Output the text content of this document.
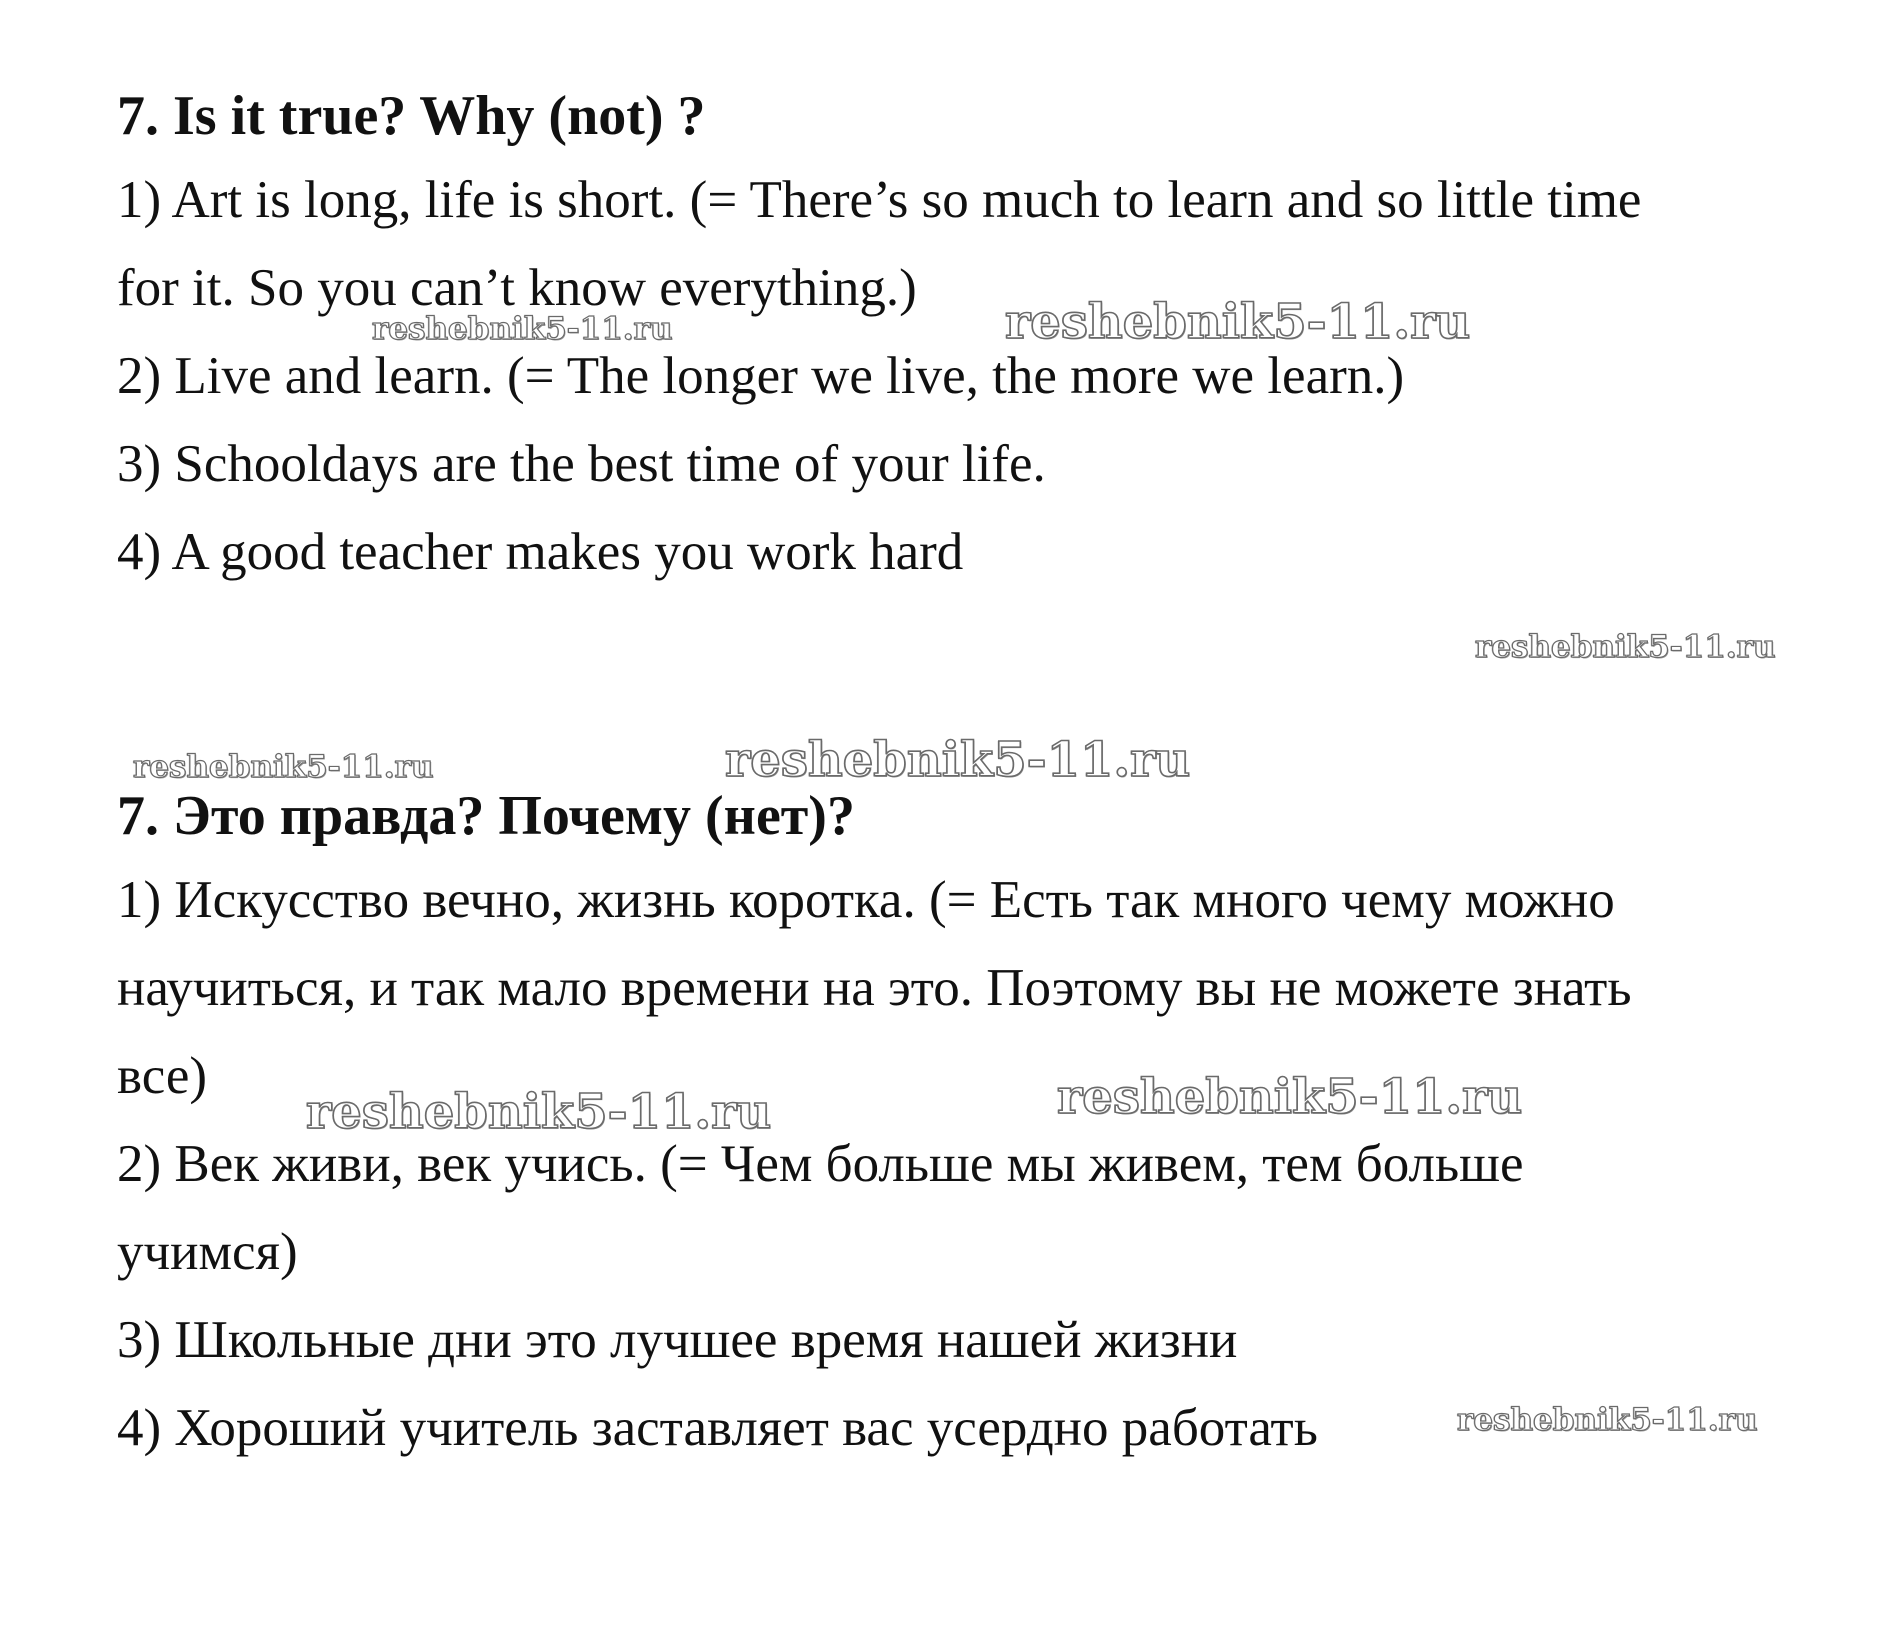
7. Is it true? Why (not) ?
1) Art is long, life is short. (= There’s so much to learn and so little time
for it. So you can’t know everything.)
2) Live and learn. (= The longer we live, the more we learn.)
3) Schooldays are the best time of your life.
4) A good teacher makes you work hard
7. Это правда? Почему (нет)?
1) Искусство вечно, жизнь коротка. (= Есть так много чему можно
научиться, и так мало времени на это. Поэтому вы не можете знать
все)
2) Век живи, век учись. (= Чем больше мы живем, тем больше
учимся)
3) Школьные дни это лучшее время нашей жизни
4) Хороший учитель заставляет вас усердно работать
reshebnik5-11.ru	reshebnik5-11.ru
reshebnik5-11.ru
reshebnik5-11.ru	reshebnik5-11.ru
reshebnik5-11.ru	reshebnik5-11.ru
reshebnik5-11.ru
